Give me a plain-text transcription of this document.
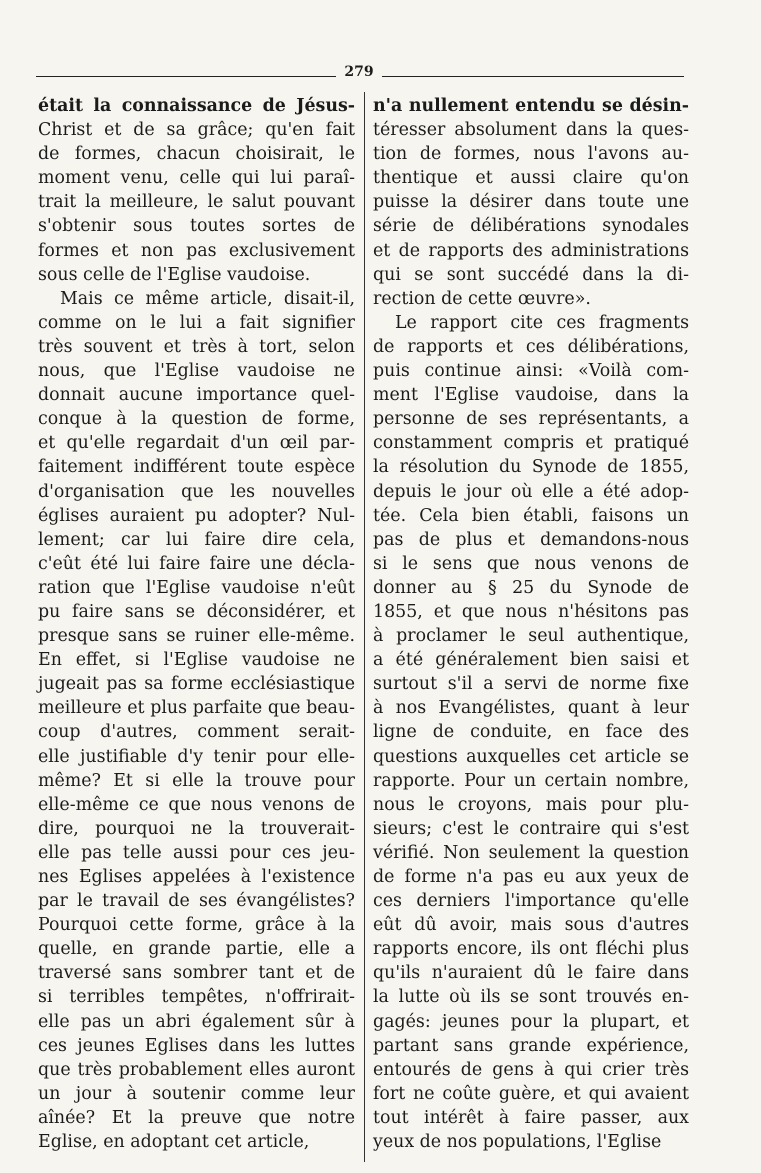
279
était la connaissance de Jésus-
Christ et de sa grâce; qu'en fait
de formes, chacun choisirait, le
moment venu, celle qui lui paraî-
trait la meilleure, le salut pouvant
s'obtenir sous toutes sortes de
formes et non pas exclusivement
sous celle de l'Eglise vaudoise.
Mais ce même article, disait-il,
comme on le lui a fait signifier
très souvent et très à tort, selon
nous, que l'Eglise vaudoise ne
donnait aucune importance quel-
conque à la question de forme,
et qu'elle regardait d'un œil par-
faitement indifférent toute espèce
d'organisation que les nouvelles
églises auraient pu adopter? Nul-
lement; car lui faire dire cela,
c'eût été lui faire faire une décla-
ration que l'Eglise vaudoise n'eût
pu faire sans se déconsidérer, et
presque sans se ruiner elle-même.
En effet, si l'Eglise vaudoise ne
jugeait pas sa forme ecclésiastique
meilleure et plus parfaite que beau-
coup d'autres, comment serait-
elle justifiable d'y tenir pour elle-
même? Et si elle la trouve pour
elle-même ce que nous venons de
dire, pourquoi ne la trouverait-
elle pas telle aussi pour ces jeu-
nes Eglises appelées à l'existence
par le travail de ses évangélistes?
Pourquoi cette forme, grâce à la
quelle, en grande partie, elle a
traversé sans sombrer tant et de
si terribles tempêtes, n'offrirait-
elle pas un abri également sûr à
ces jeunes Eglises dans les luttes
que très probablement elles auront
un jour à soutenir comme leur
aînée? Et la preuve que notre
Eglise, en adoptant cet article,
n'a nullement entendu se désin-
téresser absolument dans la ques-
tion de formes, nous l'avons au-
thentique et aussi claire qu'on
puisse la désirer dans toute une
série de délibérations synodales
et de rapports des administrations
qui se sont succédé dans la di-
rection de cette œuvre».
Le rapport cite ces fragments
de rapports et ces délibérations,
puis continue ainsi: «Voilà com-
ment l'Eglise vaudoise, dans la
personne de ses représentants, a
constamment compris et pratiqué
la résolution du Synode de 1855,
depuis le jour où elle a été adop-
tée. Cela bien établi, faisons un
pas de plus et demandons-nous
si le sens que nous venons de
donner au § 25 du Synode de
1855, et que nous n'hésitons pas
à proclamer le seul authentique,
a été généralement bien saisi et
surtout s'il a servi de norme fixe
à nos Evangélistes, quant à leur
ligne de conduite, en face des
questions auxquelles cet article se
rapporte. Pour un certain nombre,
nous le croyons, mais pour plu-
sieurs; c'est le contraire qui s'est
vérifié. Non seulement la question
de forme n'a pas eu aux yeux de
ces derniers l'importance qu'elle
eût dû avoir, mais sous d'autres
rapports encore, ils ont fléchi plus
qu'ils n'auraient dû le faire dans
la lutte où ils se sont trouvés en-
gagés: jeunes pour la plupart, et
partant sans grande expérience,
entourés de gens à qui crier très
fort ne coûte guère, et qui avaient
tout intérêt à faire passer, aux
yeux de nos populations, l'Eglise
